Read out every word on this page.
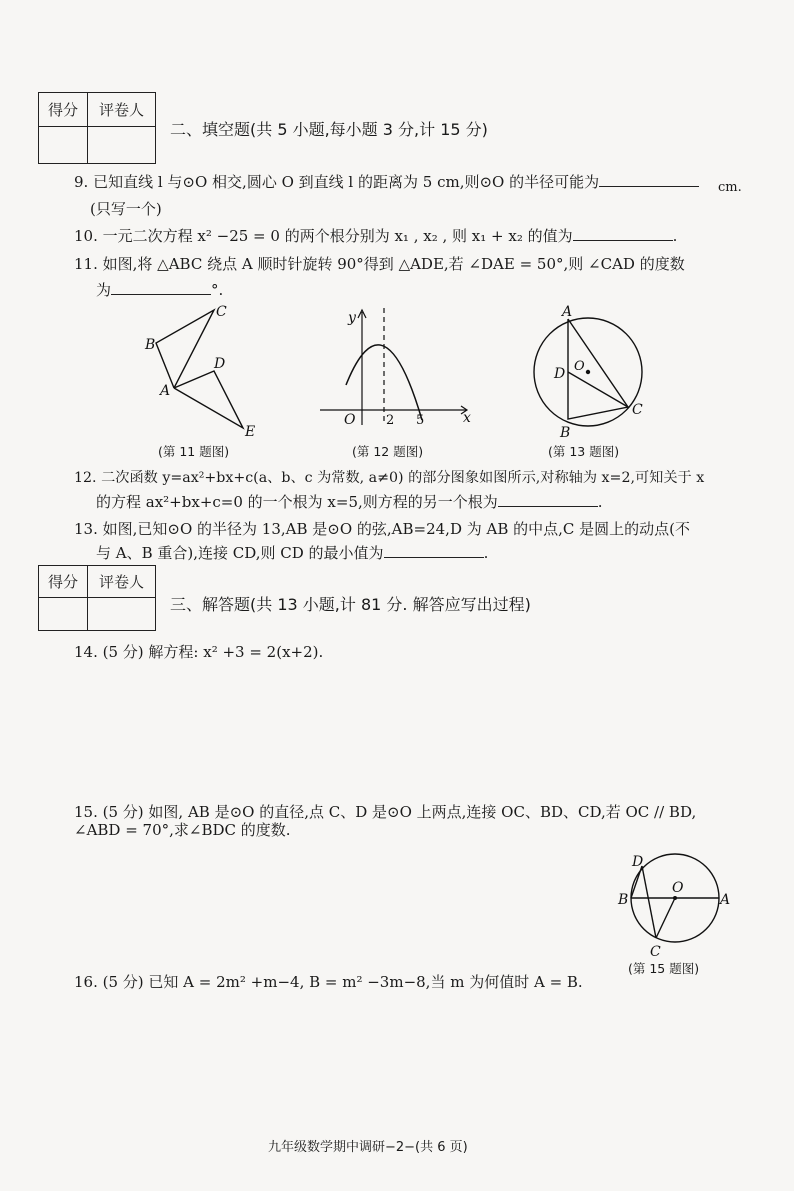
得分	评卷人

二、填空题(共 5 小题,每小题 3 分,计 15 分)
9. 已知直线 l 与⊙O 相交,圆心 O 到直线 l 的距离为 5 cm,则⊙O 的半径可能为	cm.
(只写一个)
10. 一元二次方程 x² −25 = 0 的两个根分别为 x₁ , x₂ , 则 x₁ + x₂ 的值为	.
11. 如图,将 △ABC 绕点 A 顺时针旋转 90°得到 △ADE,若 ∠DAE = 50°,则 ∠CAD 的度数
为	°.
A
B
C
D
E
(第 11 题图)
y
x
O 2 5
(第 12 题图)
A
B
C
D O
(第 13 题图)
12. 二次函数 y=ax²+bx+c(a、b、c 为常数, a≠0) 的部分图象如图所示,对称轴为 x=2,可知关于 x
的方程 ax²+bx+c=0 的一个根为 x=5,则方程的另一个根为	.
13. 如图,已知⊙O 的半径为 13,AB 是⊙O 的弦,AB=24,D 为 AB 的中点,C 是圆上的动点(不
与 A、B 重合),连接 CD,则 CD 的最小值为	.
得分	评卷人

三、解答题(共 13 小题,计 81 分. 解答应写出过程)
14. (5 分) 解方程: x² +3 = 2(x+2).
15. (5 分) 如图, AB 是⊙O 的直径,点 C、D 是⊙O 上两点,连接 OC、BD、CD,若 OC // BD,
∠ABD = 70°,求∠BDC 的度数.
D
B
O
A
C
(第 15 题图)
16. (5 分) 已知 A = 2m² +m−4, B = m² −3m−8,当 m 为何值时 A = B.
九年级数学期中调研−2−(共 6 页)
